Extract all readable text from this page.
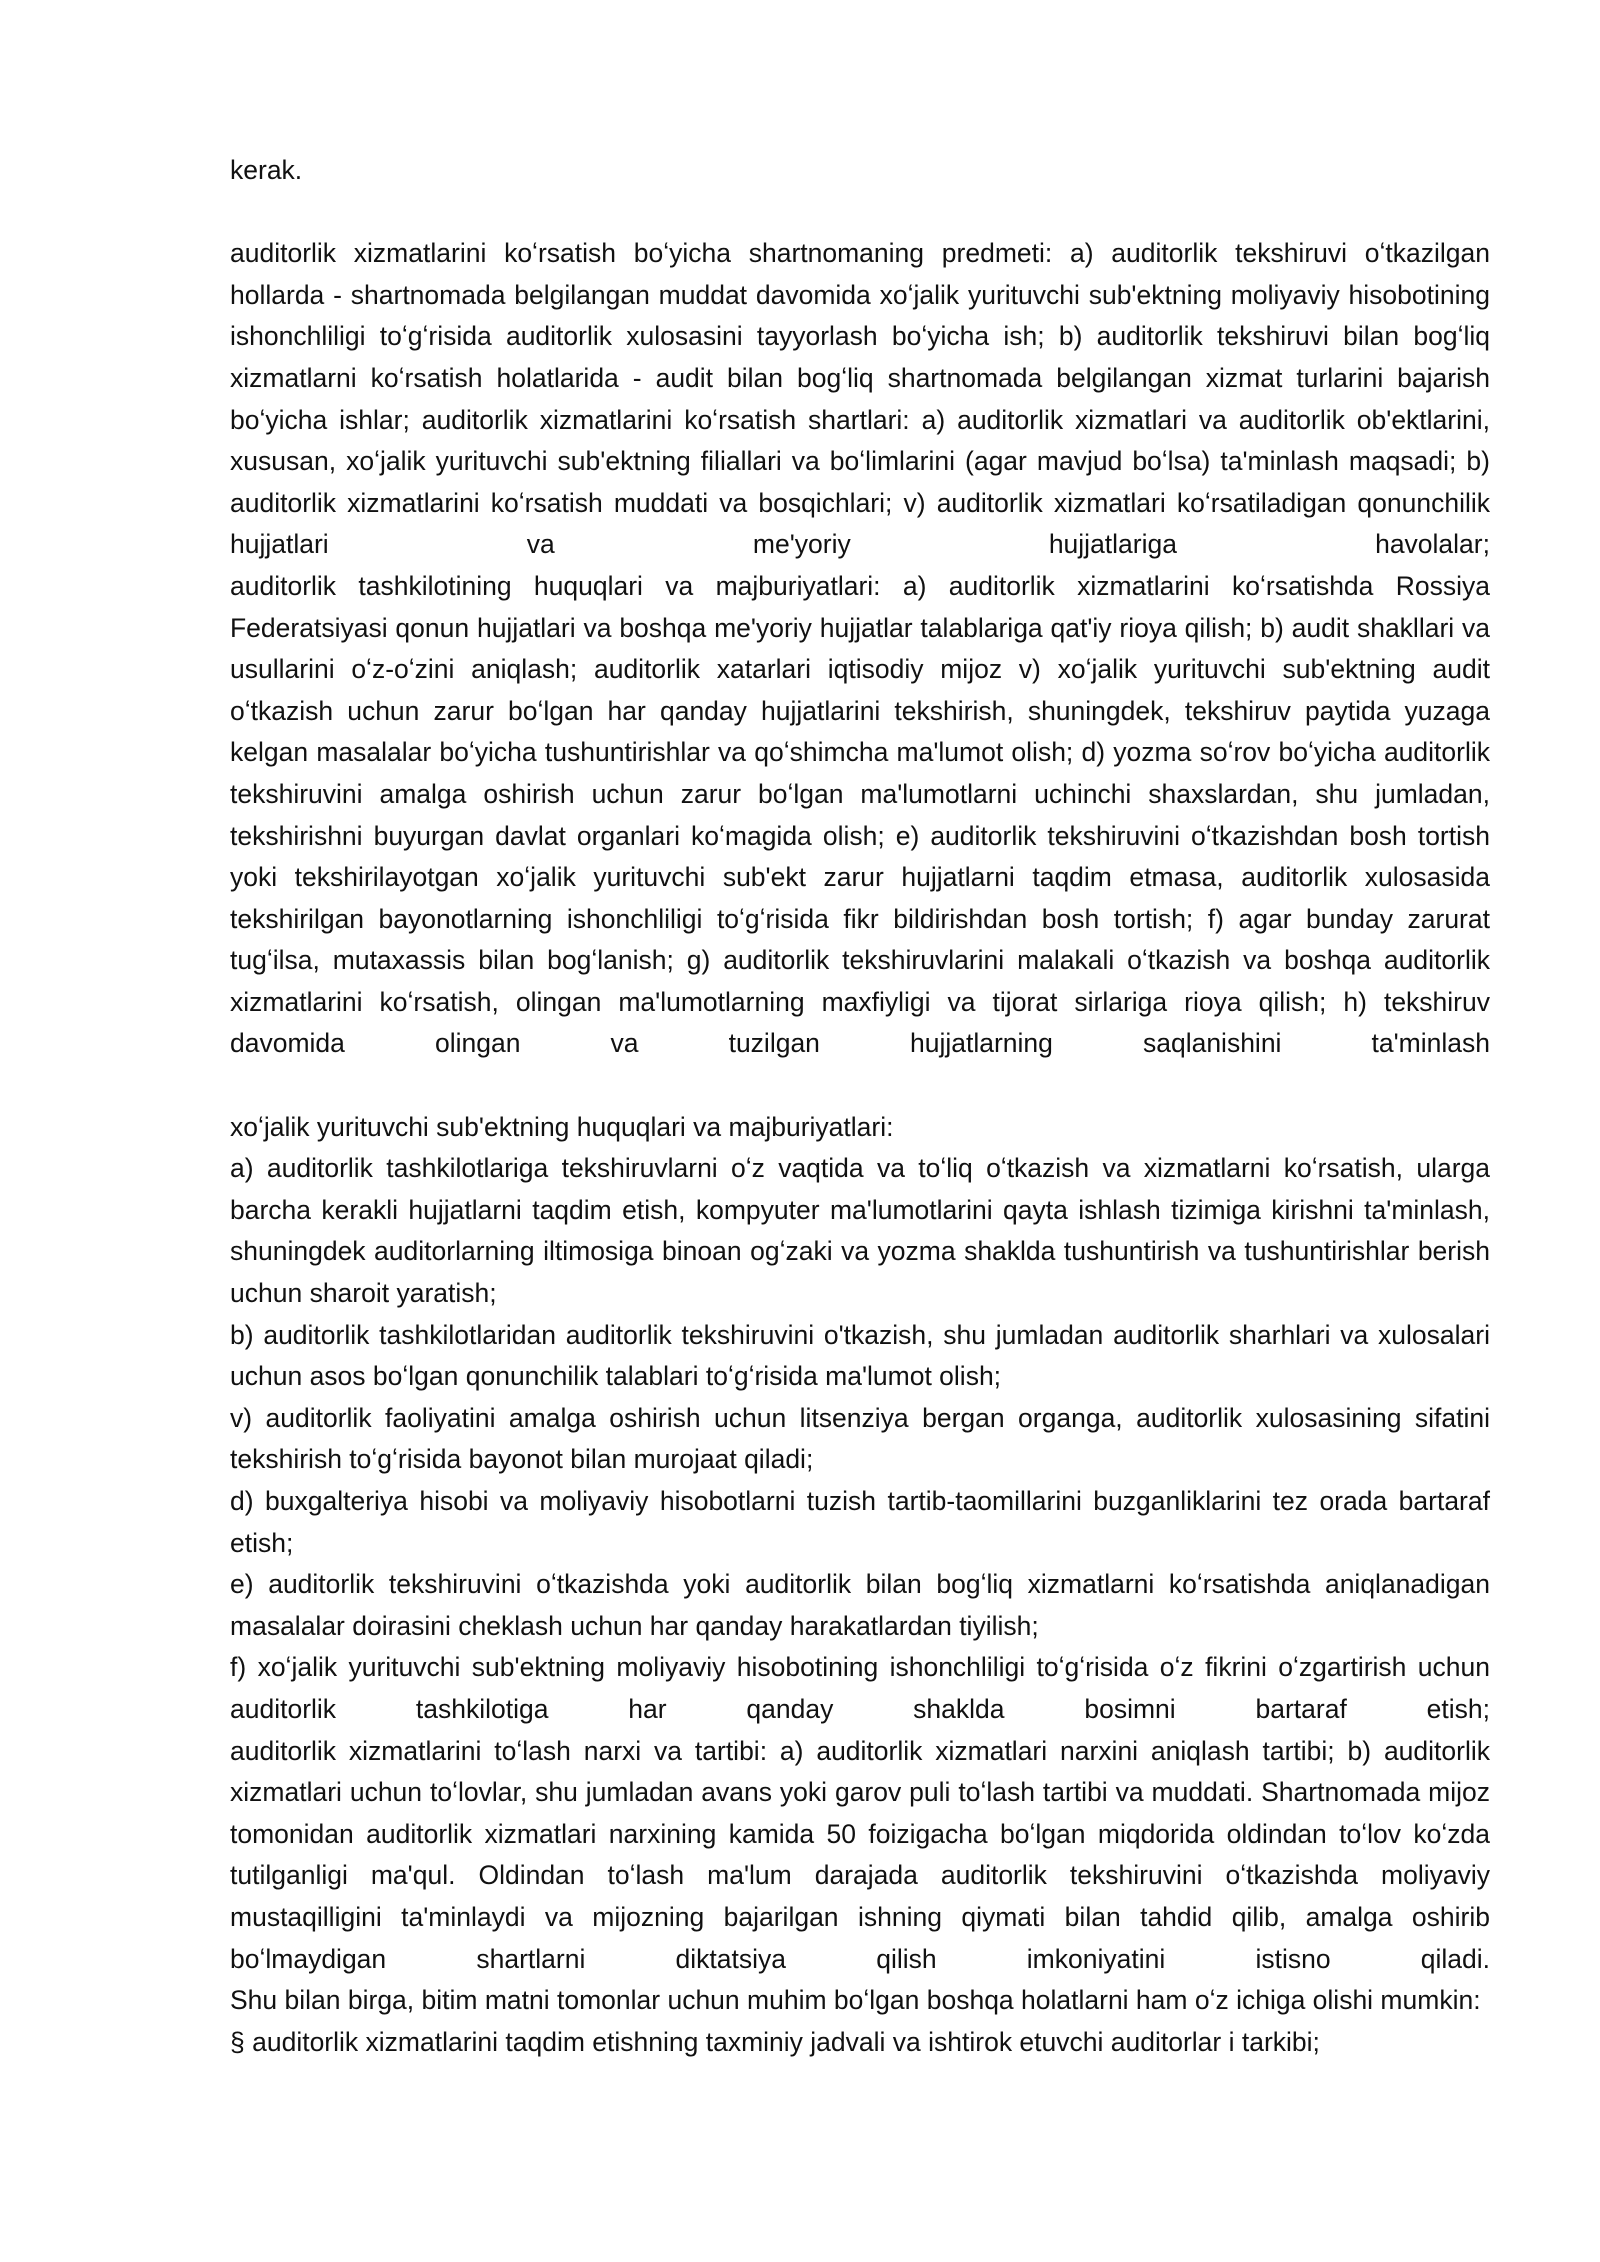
kerak.

auditorlik xizmatlarini koʻrsatish boʻyicha shartnomaning predmeti: a) auditorlik tekshiruvi oʻtkazilgan hollarda - shartnomada belgilangan muddat davomida xoʻjalik yurituvchi sub'ektning moliyaviy hisobotining ishonchliligi toʻgʻrisida auditorlik xulosasini tayyorlash boʻyicha ish; b) auditorlik tekshiruvi bilan bogʻliq xizmatlarni koʻrsatish holatlarida - audit bilan bogʻliq shartnomada belgilangan xizmat turlarini bajarish boʻyicha ishlar; auditorlik xizmatlarini koʻrsatish shartlari: a) auditorlik xizmatlari va auditorlik ob'ektlarini, xususan, xoʻjalik yurituvchi sub'ektning filiallari va boʻlimlarini (agar mavjud boʻlsa) ta'minlash maqsadi; b) auditorlik xizmatlarini koʻrsatish muddati va bosqichlari; v) auditorlik xizmatlari koʻrsatiladigan qonunchilik hujjatlari va me'yoriy hujjatlariga havolalar;

auditorlik tashkilotining huquqlari va majburiyatlari: a) auditorlik xizmatlarini koʻrsatishda Rossiya Federatsiyasi qonun hujjatlari va boshqa me'yoriy hujjatlar talablariga qat'iy rioya qilish; b) audit shakllari va usullarini oʻz-oʻzini aniqlash; auditorlik xatarlari iqtisodiy mijoz v) xoʻjalik yurituvchi sub'ektning audit oʻtkazish uchun zarur boʻlgan har qanday hujjatlarini tekshirish, shuningdek, tekshiruv paytida yuzaga kelgan masalalar boʻyicha tushuntirishlar va qoʻshimcha ma'lumot olish; d) yozma soʻrov boʻyicha auditorlik tekshiruvini amalga oshirish uchun zarur boʻlgan ma'lumotlarni uchinchi shaxslardan, shu jumladan, tekshirishni buyurgan davlat organlari koʻmagida olish; e) auditorlik tekshiruvini oʻtkazishdan bosh tortish yoki tekshirilayotgan xoʻjalik yurituvchi sub'ekt zarur hujjatlarni taqdim etmasa, auditorlik xulosasida tekshirilgan bayonotlarning ishonchliligi toʻgʻrisida fikr bildirishdan bosh tortish; f) agar bunday zarurat tugʻilsa, mutaxassis bilan bogʻlanish; g) auditorlik tekshiruvlarini malakali oʻtkazish va boshqa auditorlik xizmatlarini koʻrsatish, olingan ma'lumotlarning maxfiyligi va tijorat sirlariga rioya qilish; h) tekshiruv davomida olingan va tuzilgan hujjatlarning saqlanishini ta'minlash

xoʻjalik yurituvchi sub'ektning huquqlari va majburiyatlari:

a) auditorlik tashkilotlariga tekshiruvlarni oʻz vaqtida va toʻliq oʻtkazish va xizmatlarni koʻrsatish, ularga barcha kerakli hujjatlarni taqdim etish, kompyuter ma'lumotlarini qayta ishlash tizimiga kirishni ta'minlash, shuningdek auditorlarning iltimosiga binoan ogʻzaki va yozma shaklda tushuntirish va tushuntirishlar berish uchun sharoit yaratish;

b) auditorlik tashkilotlaridan auditorlik tekshiruvini o'tkazish, shu jumladan auditorlik sharhlari va xulosalari uchun asos boʻlgan qonunchilik talablari toʻgʻrisida ma'lumot olish;

v) auditorlik faoliyatini amalga oshirish uchun litsenziya bergan organga, auditorlik xulosasining sifatini tekshirish toʻgʻrisida bayonot bilan murojaat qiladi;

d) buxgalteriya hisobi va moliyaviy hisobotlarni tuzish tartib-taomillarini buzganliklarini tez orada bartaraf etish;

e) auditorlik tekshiruvini oʻtkazishda yoki auditorlik bilan bogʻliq xizmatlarni koʻrsatishda aniqlanadigan masalalar doirasini cheklash uchun har qanday harakatlardan tiyilish;

f) xoʻjalik yurituvchi sub'ektning moliyaviy hisobotining ishonchliligi toʻgʻrisida oʻz fikrini oʻzgartirish uchun auditorlik tashkilotiga har qanday shaklda bosimni bartaraf etish;

auditorlik xizmatlarini toʻlash narxi va tartibi: a) auditorlik xizmatlari narxini aniqlash tartibi; b) auditorlik xizmatlari uchun toʻlovlar, shu jumladan avans yoki garov puli toʻlash tartibi va muddati. Shartnomada mijoz tomonidan auditorlik xizmatlari narxining kamida 50 foizigacha boʻlgan miqdorida oldindan toʻlov koʻzda tutilganligi ma'qul. Oldindan toʻlash ma'lum darajada auditorlik tekshiruvini oʻtkazishda moliyaviy mustaqilligini ta'minlaydi va mijozning bajarilgan ishning qiymati bilan tahdid qilib, amalga oshirib boʻlmaydigan shartlarni diktatsiya qilish imkoniyatini istisno qiladi.

Shu bilan birga, bitim matni tomonlar uchun muhim boʻlgan boshqa holatlarni ham oʻz ichiga olishi mumkin:

§ auditorlik xizmatlarini taqdim etishning taxminiy jadvali va ishtirok etuvchi auditorlar i tarkibi;
